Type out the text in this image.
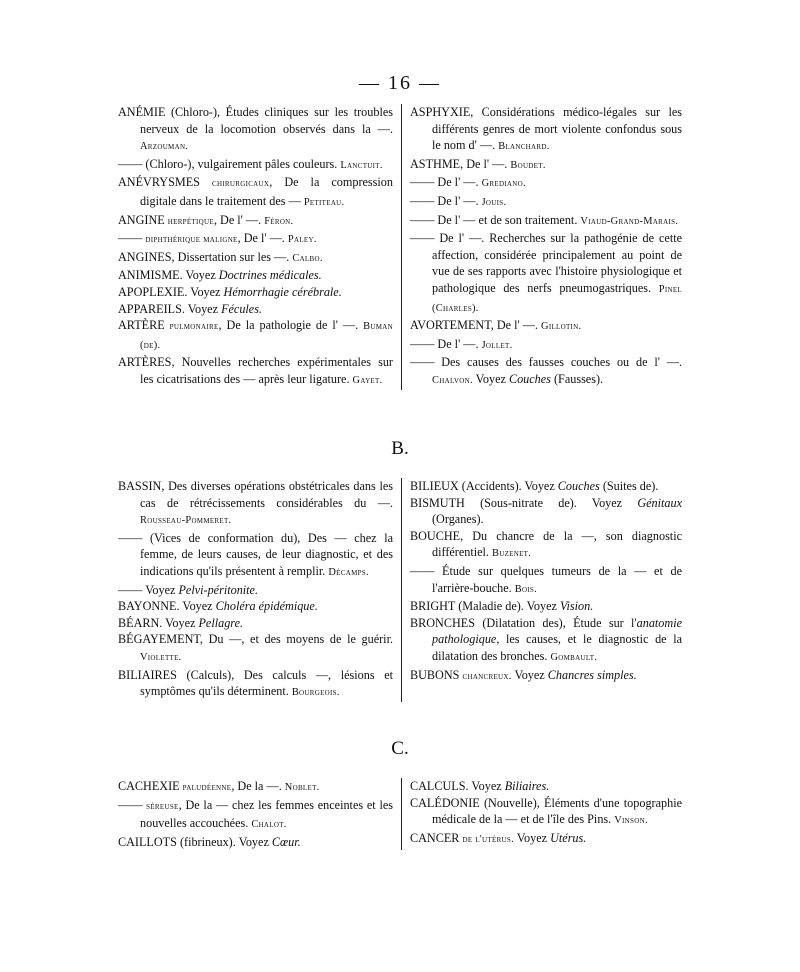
— 16 —

ANÉMIE (Chloro-), Études cliniques sur les troubles nerveux de la locomotion observés dans la —. Arzouman.

—— (Chloro-), vulgairement pâles couleurs. Lanctuit.

ANÉVRYSMES chirurgicaux, De la compression digitale dans le traitement des — Petiteau.

ANGINE herpétique, De l' —. Féron.

—— diphthérique maligne, De l' —. Paley.

ANGINES, Dissertation sur les —. Calbo.

ANIMISME. Voyez Doctrines médicales.

APOPLEXIE. Voyez Hémorrhagie cérébrale.

APPAREILS. Voyez Fécules.

ARTÈRE pulmonaire, De la pathologie de l' —. Buman (de).

ARTÈRES, Nouvelles recherches expérimentales sur les cicatrisations des — après leur ligature. Gayet.

ASPHYXIE, Considérations médico-légales sur les différents genres de mort violente confondus sous le nom d' —. Blanchard.

ASTHME, De l' —. Boudet.

—— De l' —. Grediano.

—— De l' —. Jouis.

—— De l' — et de son traitement. Viaud-Grand-Marais.

—— De l' —. Recherches sur la pathogénie de cette affection, considérée principalement au point de vue de ses rapports avec l'histoire physiologique et pathologique des nerfs pneumogastriques. Pinel (Charles).

AVORTEMENT, De l' —. Gillotin.

—— De l' —. Jollet.

—— Des causes des fausses couches ou de l' —. Chalvon. Voyez Couches (Fausses).

B.

BASSIN, Des diverses opérations obstétricales dans les cas de rétrécissements considérables du —. Rousseau-Pommeret.

—— (Vices de conformation du), Des — chez la femme, de leurs causes, de leur diagnostic, et des indications qu'ils présentent à remplir. Décamps.

—— Voyez Pelvi-péritonite.

BAYONNE. Voyez Choléra épidémique.

BÉARN. Voyez Pellagre.

BÉGAYEMENT, Du —, et des moyens de le guérir. Violette.

BILIAIRES (Calculs), Des calculs —, lésions et symptômes qu'ils déterminent. Bourgeois.

BILIEUX (Accidents). Voyez Couches (Suites de).

BISMUTH (Sous-nitrate de). Voyez Génitaux (Organes).

BOUCHE, Du chancre de la —, son diagnostic différentiel. Buzenet.

—— Étude sur quelques tumeurs de la — et de l'arrière-bouche. Bois.

BRIGHT (Maladie de). Voyez Vision.

BRONCHES (Dilatation des), Étude sur l'anatomie pathologique, les causes, et le diagnostic de la dilatation des bronches. Gombault.

BUBONS chancreux. Voyez Chancres simples.

C.

CACHEXIE paludéenne, De la —. Noblet.

—— séreuse, De la — chez les femmes enceintes et les nouvelles accouchées. Chalot.

CAILLOTS (fibrineux). Voyez Cœur.

CALCULS. Voyez Biliaires.

CALÉDONIE (Nouvelle), Éléments d'une topographie médicale de la — et de l'île des Pins. Vinson.

CANCER de l'utérus. Voyez Utérus.
